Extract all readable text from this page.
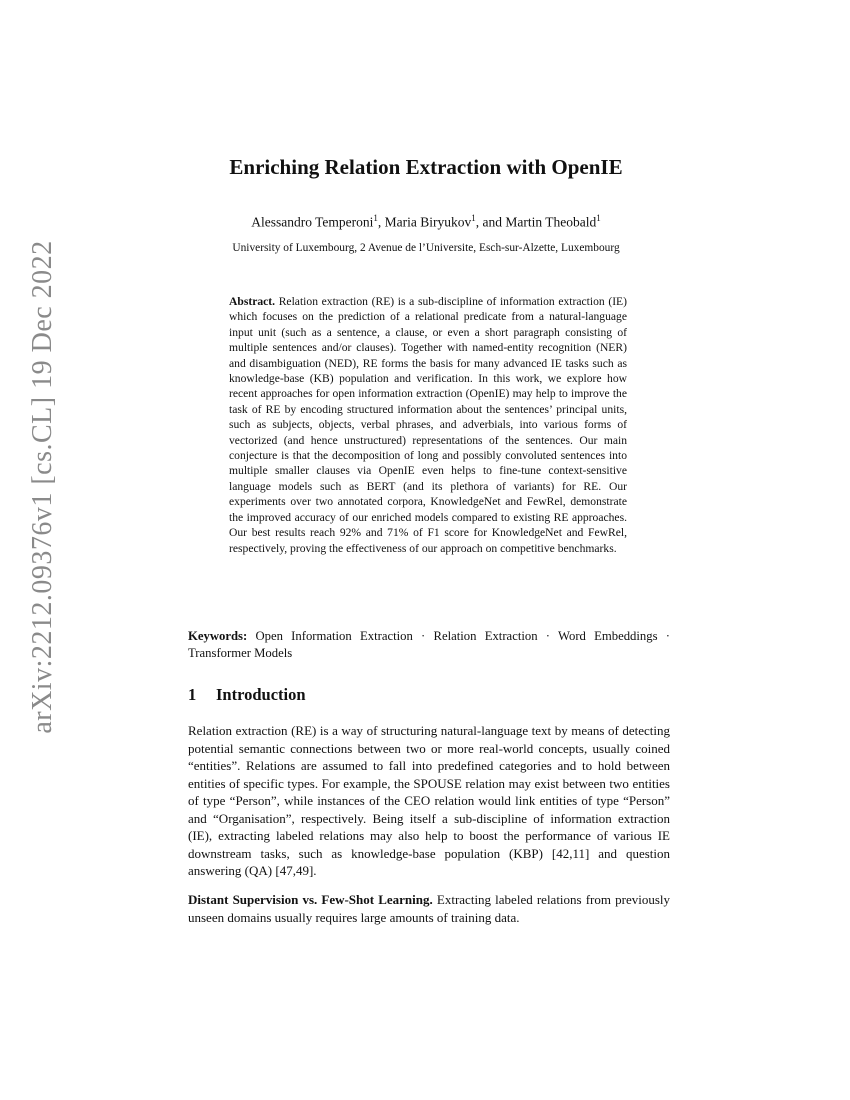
arXiv:2212.09376v1 [cs.CL] 19 Dec 2022
Enriching Relation Extraction with OpenIE
Alessandro Temperoni$^1$, Maria Biryukov$^1$, and Martin Theobald$^1$
University of Luxembourg, 2 Avenue de l’Universite, Esch-sur-Alzette, Luxembourg
Abstract. Relation extraction (RE) is a sub-discipline of information extraction (IE) which focuses on the prediction of a relational predicate from a natural-language input unit (such as a sentence, a clause, or even a short paragraph consisting of multiple sentences and/or clauses). Together with named-entity recognition (NER) and disambiguation (NED), RE forms the basis for many advanced IE tasks such as knowledge-base (KB) population and verification. In this work, we explore how recent approaches for open information extraction (OpenIE) may help to improve the task of RE by encoding structured information about the sentences’ principal units, such as subjects, objects, verbal phrases, and adverbials, into various forms of vectorized (and hence unstructured) representations of the sentences. Our main conjecture is that the decomposition of long and possibly convoluted sentences into multiple smaller clauses via OpenIE even helps to fine-tune context-sensitive language models such as BERT (and its plethora of variants) for RE. Our experiments over two annotated corpora, KnowledgeNet and FewRel, demonstrate the improved accuracy of our enriched models compared to existing RE approaches. Our best results reach 92% and 71% of F1 score for KnowledgeNet and FewRel, respectively, proving the effectiveness of our approach on competitive benchmarks.
Keywords: Open Information Extraction · Relation Extraction · Word Embeddings · Transformer Models
1 Introduction
Relation extraction (RE) is a way of structuring natural-language text by means of detecting potential semantic connections between two or more real-world concepts, usually coined “entities”. Relations are assumed to fall into predefined categories and to hold between entities of specific types. For example, the SPOUSE relation may exist between two entities of type “Person”, while instances of the CEO relation would link entities of type “Person” and “Organisation”, respectively. Being itself a sub-discipline of information extraction (IE), extracting labeled relations may also help to boost the performance of various IE downstream tasks, such as knowledge-base population (KBP) [42,11] and question answering (QA) [47,49].
Distant Supervision vs. Few-Shot Learning. Extracting labeled relations from previously unseen domains usually requires large amounts of training data.
